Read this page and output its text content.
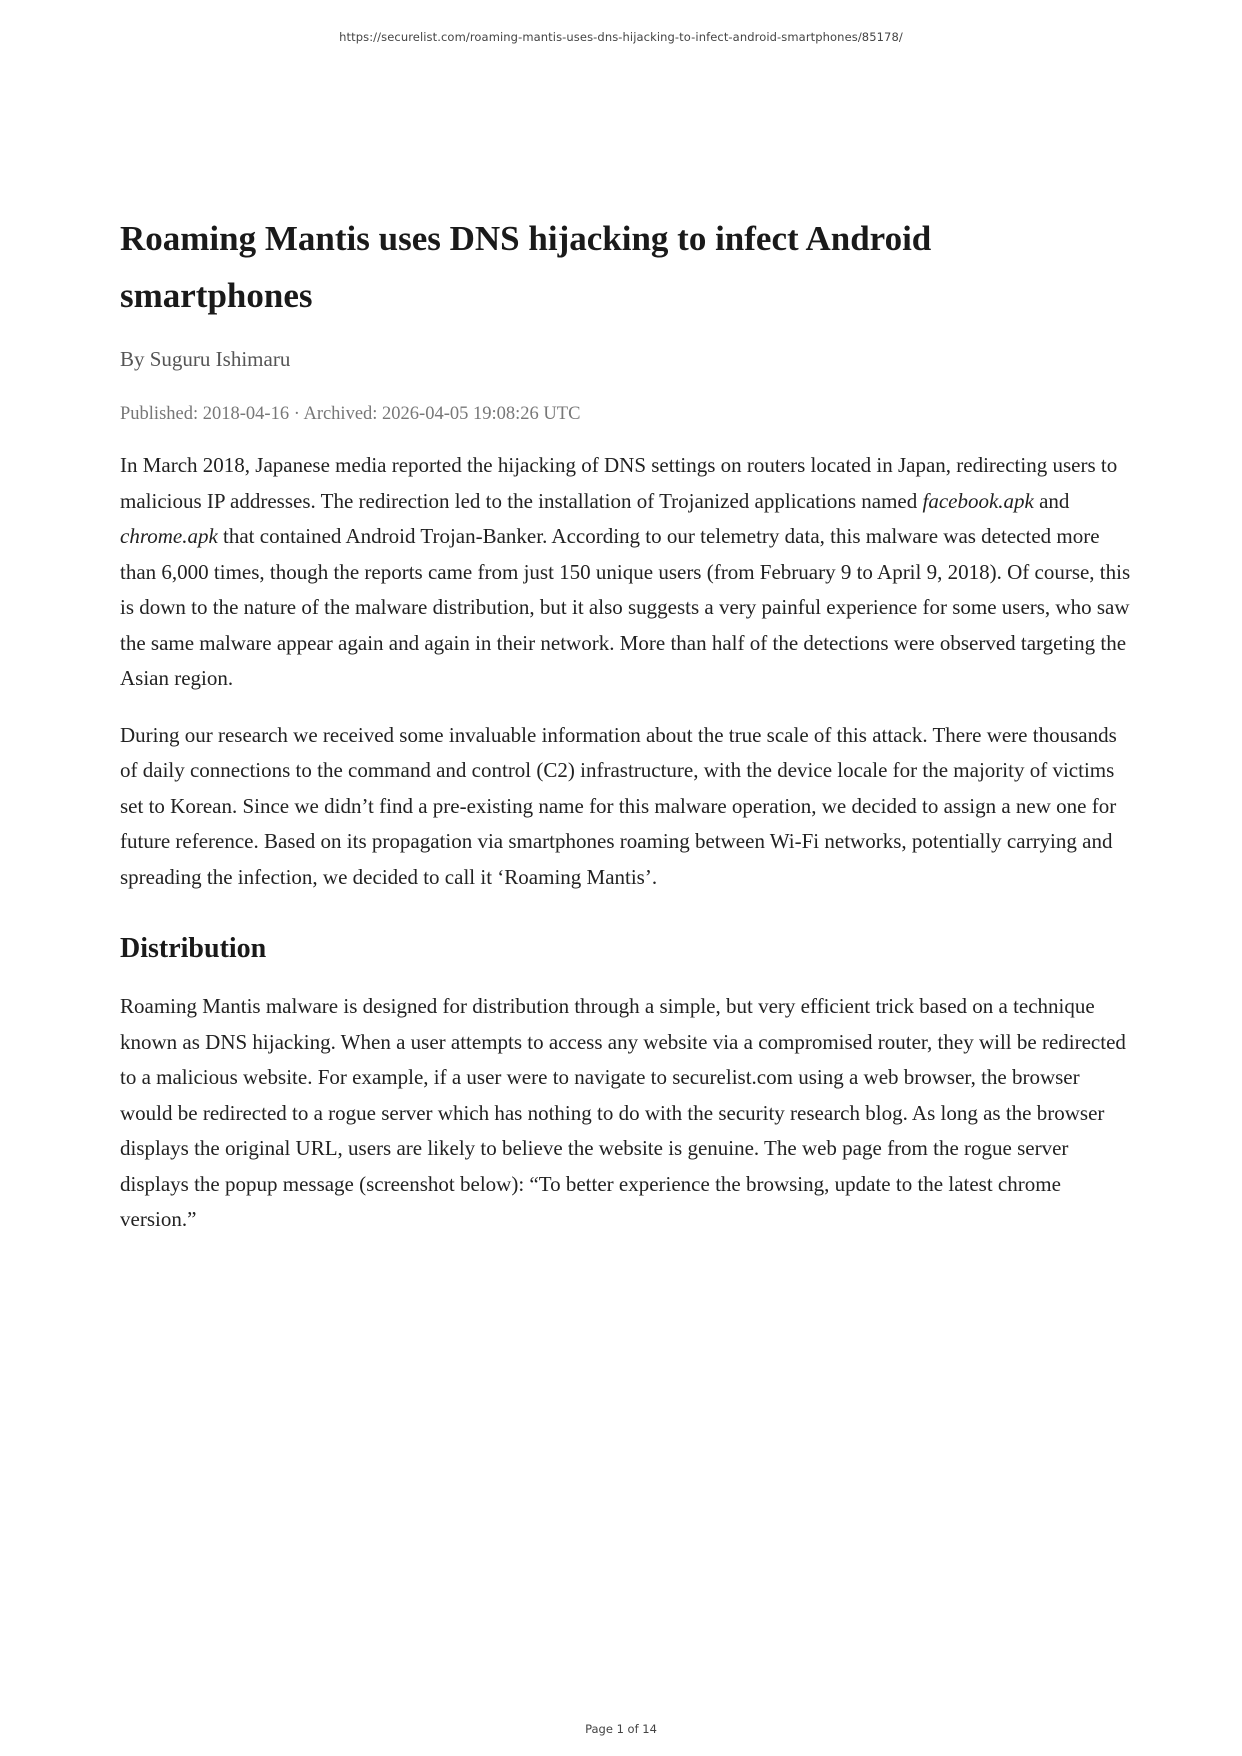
https://securelist.com/roaming-mantis-uses-dns-hijacking-to-infect-android-smartphones/85178/
Roaming Mantis uses DNS hijacking to infect Android smartphones
By Suguru Ishimaru
Published: 2018-04-16 · Archived: 2026-04-05 19:08:26 UTC

In March 2018, Japanese media reported the hijacking of DNS settings on routers located in Japan, redirecting users to malicious IP addresses. The redirection led to the installation of Trojanized applications named facebook.apk and chrome.apk that contained Android Trojan-Banker. According to our telemetry data, this malware was detected more than 6,000 times, though the reports came from just 150 unique users (from February 9 to April 9, 2018). Of course, this is down to the nature of the malware distribution, but it also suggests a very painful experience for some users, who saw the same malware appear again and again in their network. More than half of the detections were observed targeting the Asian region.

During our research we received some invaluable information about the true scale of this attack. There were thousands of daily connections to the command and control (C2) infrastructure, with the device locale for the majority of victims set to Korean. Since we didn’t find a pre-existing name for this malware operation, we decided to assign a new one for future reference. Based on its propagation via smartphones roaming between Wi-Fi networks, potentially carrying and spreading the infection, we decided to call it ‘Roaming Mantis’.

Distribution

Roaming Mantis malware is designed for distribution through a simple, but very efficient trick based on a technique known as DNS hijacking. When a user attempts to access any website via a compromised router, they will be redirected to a malicious website. For example, if a user were to navigate to securelist.com using a web browser, the browser would be redirected to a rogue server which has nothing to do with the security research blog. As long as the browser displays the original URL, users are likely to believe the website is genuine. The web page from the rogue server displays the popup message (screenshot below): “To better experience the browsing, update to the latest chrome version.”

Page 1 of 14
